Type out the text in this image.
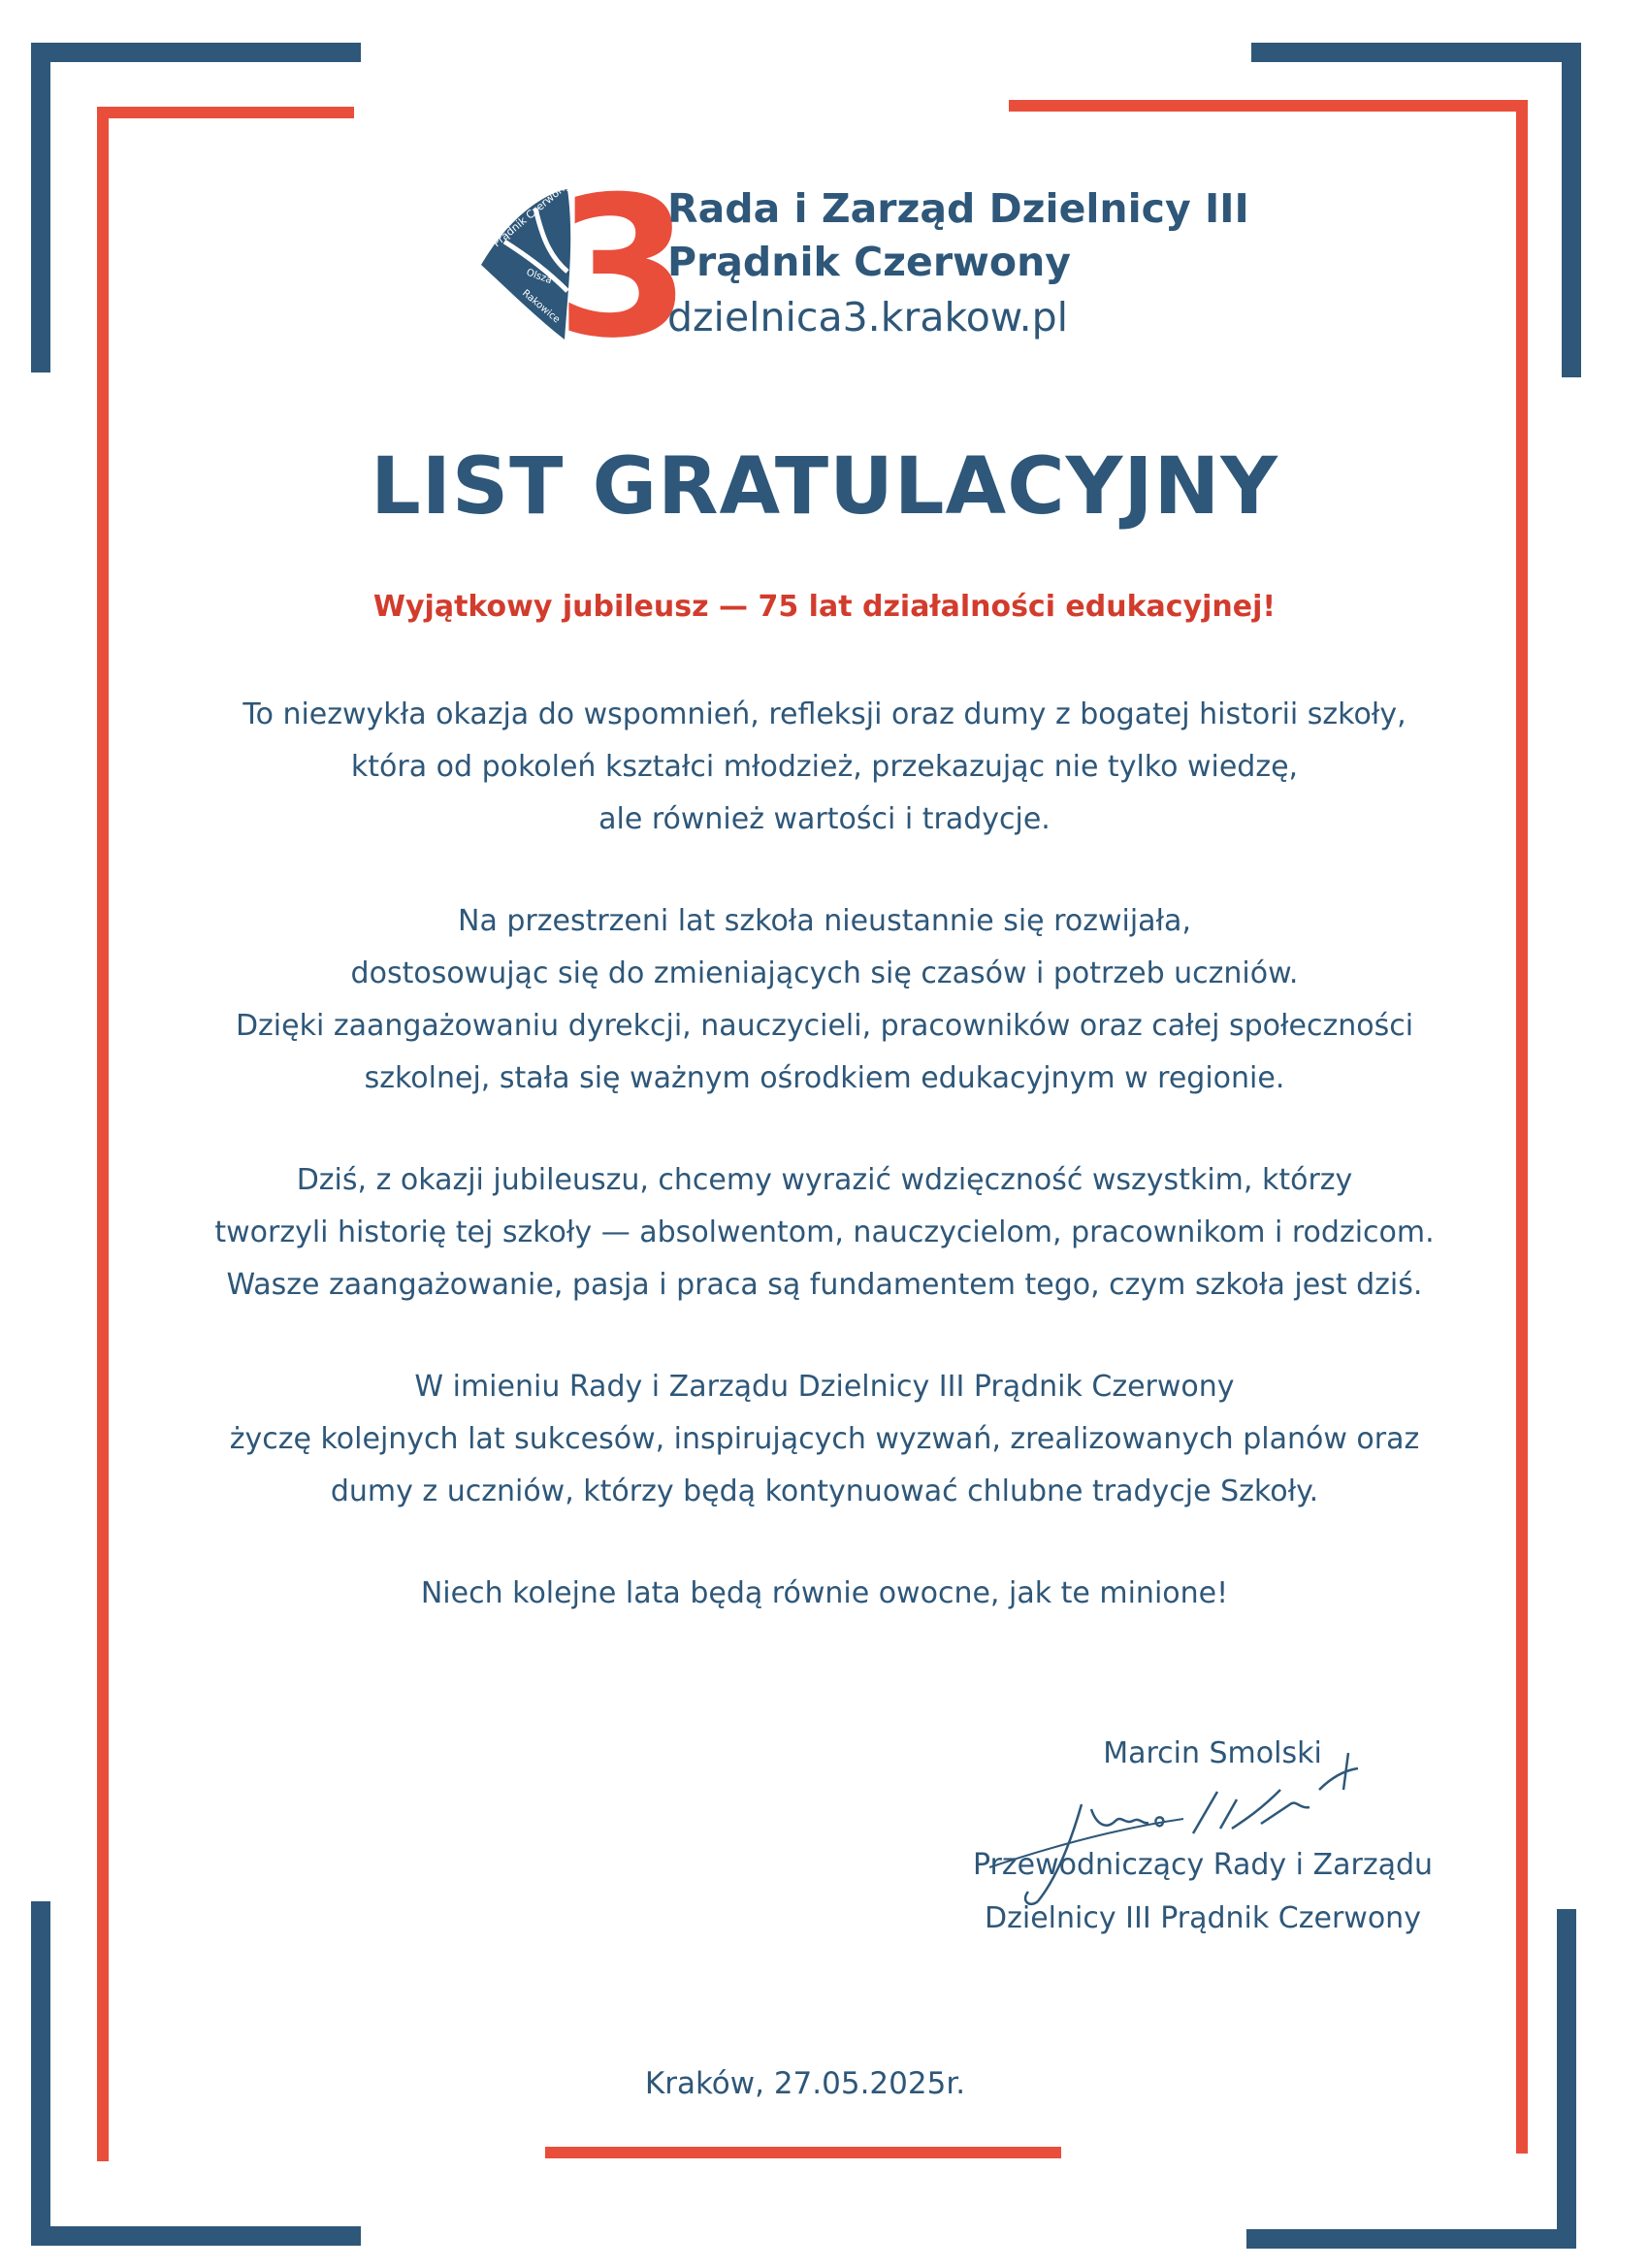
Prądnik Czerwony
Olsza
Rakowice
3
Rada i Zarząd Dzielnicy III
Prądnik Czerwony
dzielnica3.krakow.pl
LIST GRATULACYJNY
Wyjątkowy jubileusz — 75 lat działalności edukacyjnej!
To niezwykła okazja do wspomnień, refleksji oraz dumy z bogatej historii szkoły,
która od pokoleń kształci młodzież, przekazując nie tylko wiedzę,
ale również wartości i tradycje.
Na przestrzeni lat szkoła nieustannie się rozwijała,
dostosowując się do zmieniających się czasów i potrzeb uczniów.
Dzięki zaangażowaniu dyrekcji, nauczycieli, pracowników oraz całej społeczności
szkolnej, stała się ważnym ośrodkiem edukacyjnym w regionie.
Dziś, z okazji jubileuszu, chcemy wyrazić wdzięczność wszystkim, którzy
tworzyli historię tej szkoły — absolwentom, nauczycielom, pracownikom i rodzicom.
Wasze zaangażowanie, pasja i praca są fundamentem tego, czym szkoła jest dziś.
W imieniu Rady i Zarządu Dzielnicy III Prądnik Czerwony
życzę kolejnych lat sukcesów, inspirujących wyzwań, zrealizowanych planów oraz
dumy z uczniów, którzy będą kontynuować chlubne tradycje Szkoły.
Niech kolejne lata będą równie owocne, jak te minione!
Marcin Smolski
Przewodniczący Rady i Zarządu
Dzielnicy III Prądnik Czerwony
Kraków, 27.05.2025r.
